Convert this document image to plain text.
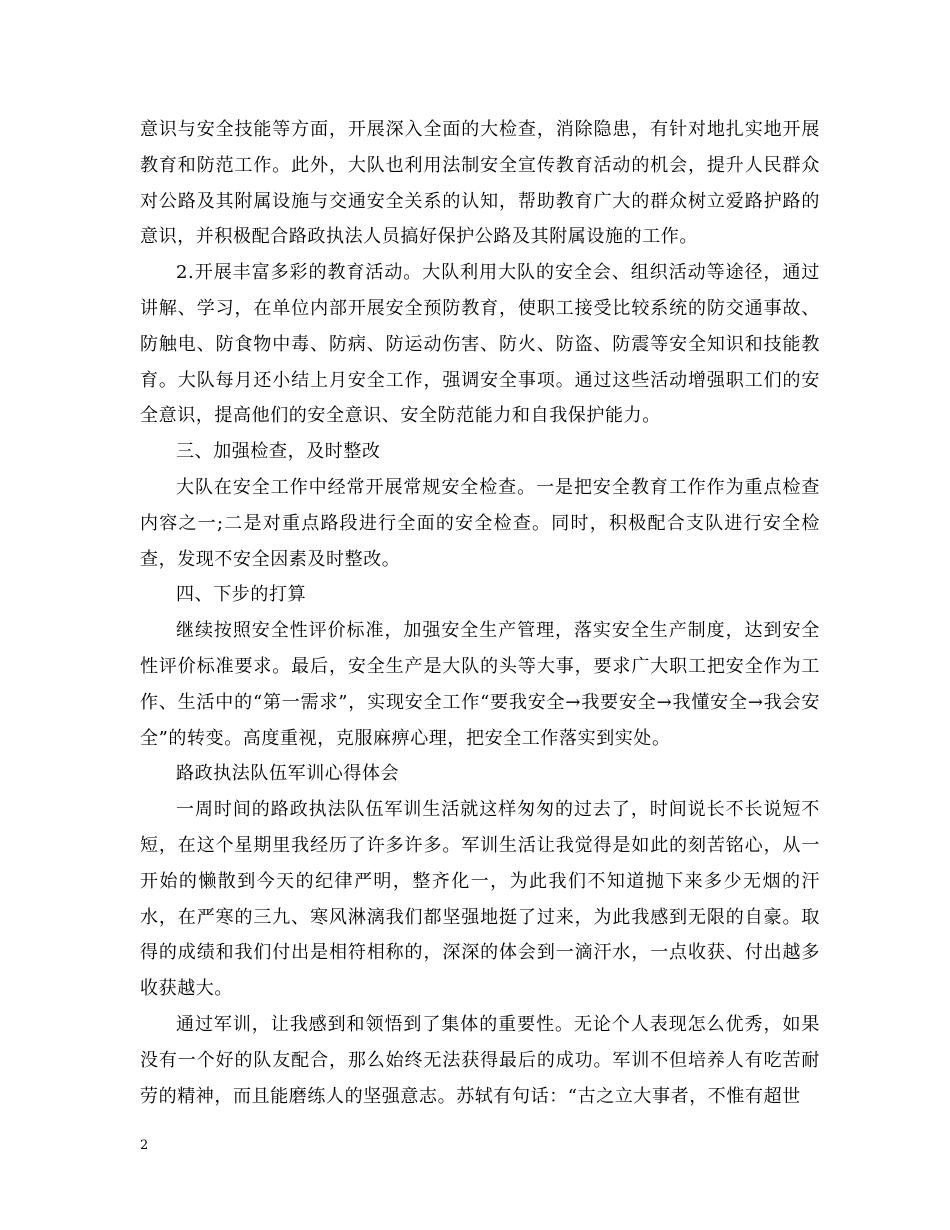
意识与安全技能等方面，开展深入全面的大检查，消除隐患，有针对地扎实地开展教育和防范工作。此外，大队也利用法制安全宣传教育活动的机会，提升人民群众对公路及其附属设施与交通安全关系的认知，帮助教育广大的群众树立爱路护路的意识，并积极配合路政执法人员搞好保护公路及其附属设施的工作。

2.开展丰富多彩的教育活动。大队利用大队的安全会、组织活动等途径，通过讲解、学习，在单位内部开展安全预防教育，使职工接受比较系统的防交通事故、防触电、防食物中毒、防病、防运动伤害、防火、防盗、防震等安全知识和技能教育。大队每月还小结上月安全工作，强调安全事项。通过这些活动增强职工们的安全意识，提高他们的安全意识、安全防范能力和自我保护能力。

三、加强检查，及时整改

大队在安全工作中经常开展常规安全检查。一是把安全教育工作作为重点检查内容之一;二是对重点路段进行全面的安全检查。同时，积极配合支队进行安全检查，发现不安全因素及时整改。

四、下步的打算

继续按照安全性评价标准，加强安全生产管理，落实安全生产制度，达到安全性评价标准要求。最后，安全生产是大队的头等大事，要求广大职工把安全作为工作、生活中的“第一需求”，实现安全工作“要我安全→我要安全→我懂安全→我会安全”的转变。高度重视，克服麻痹心理，把安全工作落实到实处。

路政执法队伍军训心得体会

一周时间的路政执法队伍军训生活就这样匆匆的过去了，时间说长不长说短不短，在这个星期里我经历了许多许多。军训生活让我觉得是如此的刻苦铭心，从一开始的懒散到今天的纪律严明，整齐化一，为此我们不知道抛下来多少无烟的汗水，在严寒的三九、寒风淋漓我们都坚强地挺了过来，为此我感到无限的自豪。取得的成绩和我们付出是相符相称的，深深的体会到一滴汗水，一点收获、付出越多收获越大。

通过军训，让我感到和领悟到了集体的重要性。无论个人表现怎么优秀，如果没有一个好的队友配合，那么始终无法获得最后的成功。军训不但培养人有吃苦耐劳的精神，而且能磨练人的坚强意志。苏轼有句话：“古之立大事者，不惟有超世

2
